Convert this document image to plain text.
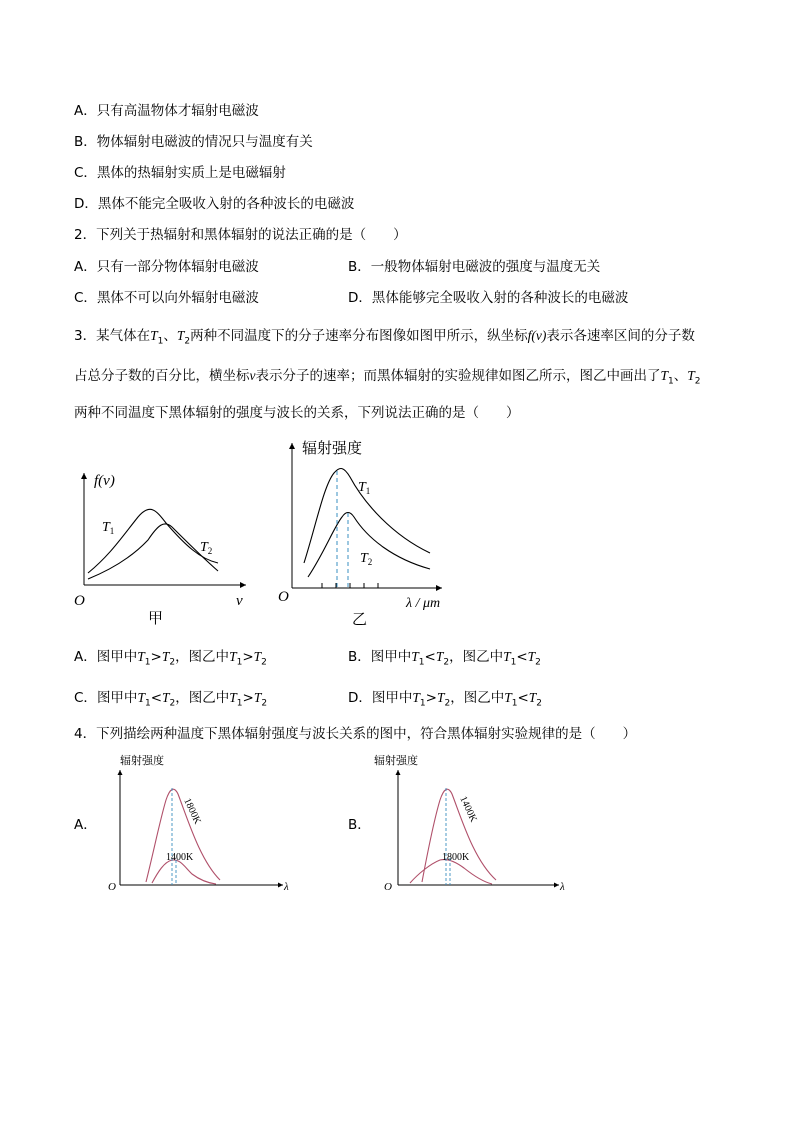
A．只有高温物体才辐射电磁波
B．物体辐射电磁波的情况只与温度有关
C．黑体的热辐射实质上是电磁辐射
D．黑体不能完全吸收入射的各种波长的电磁波
2．下列关于热辐射和黑体辐射的说法正确的是（　　）
A．只有一部分物体辐射电磁波	B．一般物体辐射电磁波的强度与温度无关
C．黑体不可以向外辐射电磁波	D．黑体能够完全吸收入射的各种波长的电磁波
3．某气体在$T_1$、$T_2$两种不同温度下的分子速率分布图像如图甲所示，纵坐标f(v)表示各速率区间的分子数
占总分子数的百分比，横坐标v表示分子的速率；而黑体辐射的实验规律如图乙所示，图乙中画出了$T_1$、$T_2$
两种不同温度下黑体辐射的强度与波长的关系，下列说法正确的是（　　）
f(v)
v
O
$T_1$
$T_2$
甲
辐射强度
λ / μm
O
$T_1$
$T_2$
乙
A．图甲中$T_1>T_2$，图乙中$T_1>T_2$	B．图甲中$T_1<T_2$，图乙中$T_1<T_2$
C．图甲中$T_1<T_2$，图乙中$T_1>T_2$	D．图甲中$T_1>T_2$，图乙中$T_1<T_2$
4．下列描绘两种温度下黑体辐射强度与波长关系的图中，符合黑体辐射实验规律的是（　　）
A．
辐射强度
O	λ
1800K
1400K
B．
辐射强度
O	λ
1400K
1800K
